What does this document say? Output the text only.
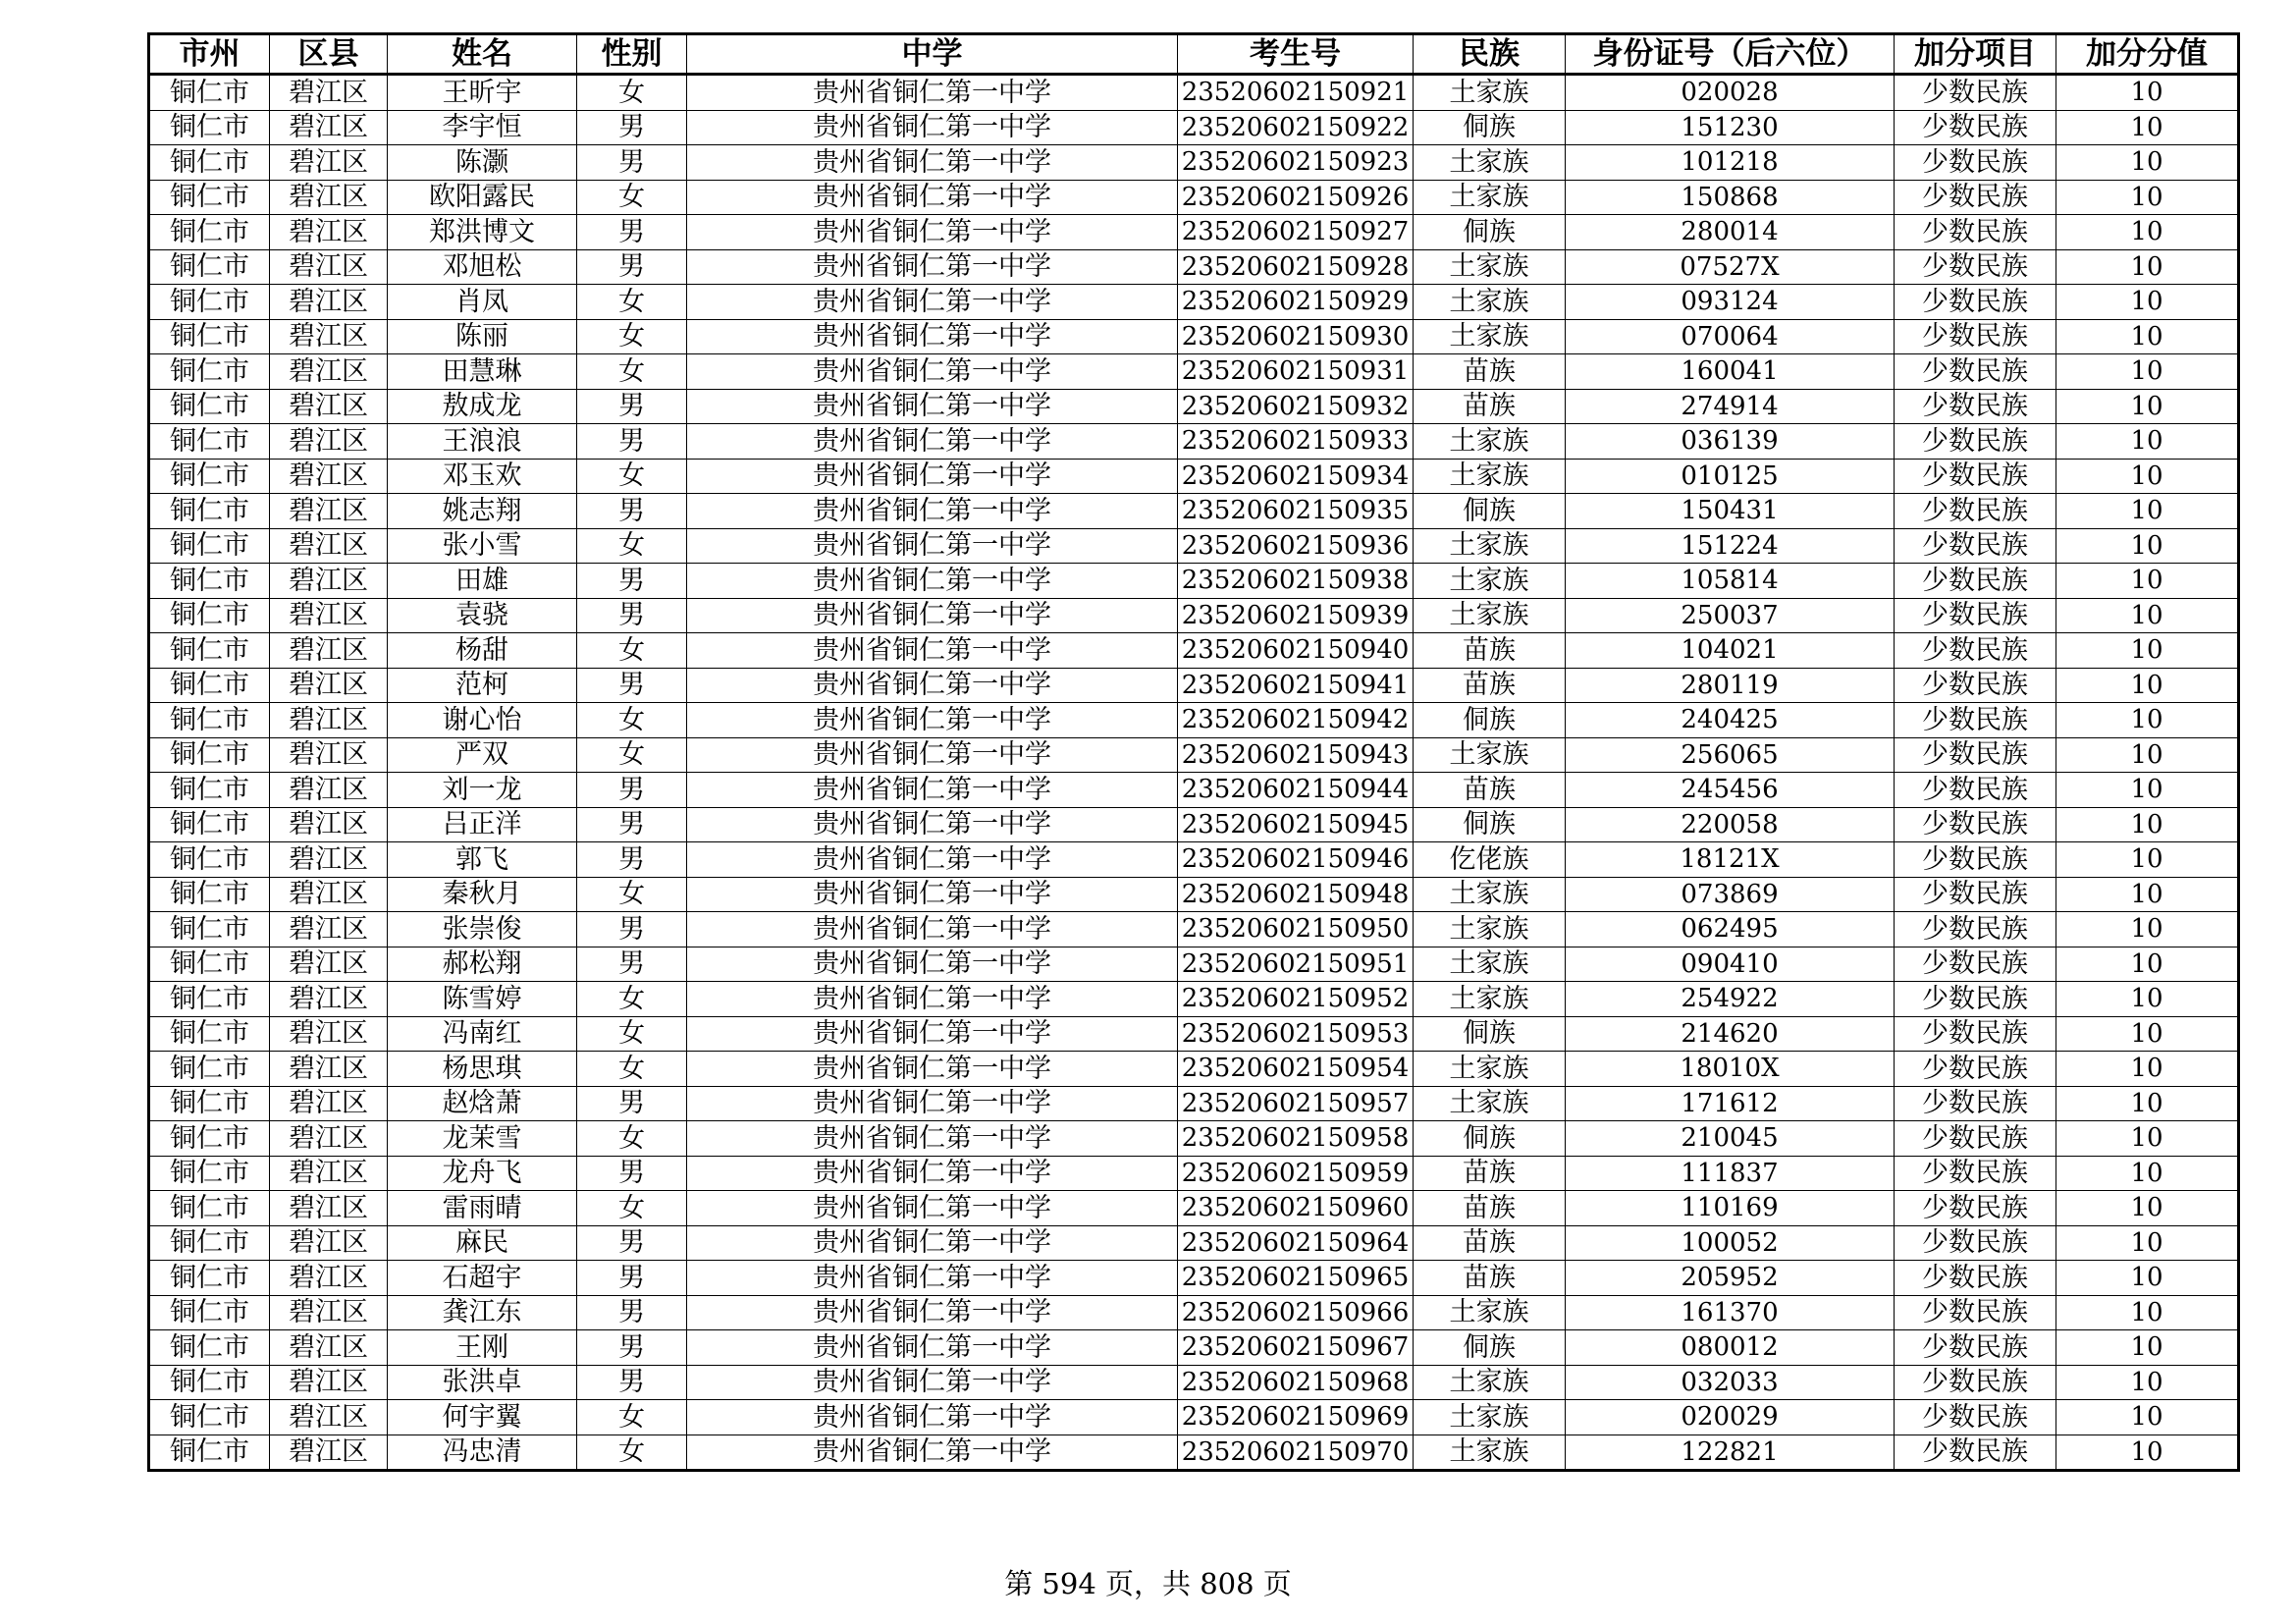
市州	区县	姓名	性别	中学	考生号	民族	身份证号（后六位）	加分项目	加分分值
铜仁市	碧江区	王昕宇	女	贵州省铜仁第一中学	23520602150921	土家族	020028	少数民族	10
铜仁市	碧江区	李宇恒	男	贵州省铜仁第一中学	23520602150922	侗族	151230	少数民族	10
铜仁市	碧江区	陈灏	男	贵州省铜仁第一中学	23520602150923	土家族	101218	少数民族	10
铜仁市	碧江区	欧阳露民	女	贵州省铜仁第一中学	23520602150926	土家族	150868	少数民族	10
铜仁市	碧江区	郑洪博文	男	贵州省铜仁第一中学	23520602150927	侗族	280014	少数民族	10
铜仁市	碧江区	邓旭松	男	贵州省铜仁第一中学	23520602150928	土家族	07527X	少数民族	10
铜仁市	碧江区	肖凤	女	贵州省铜仁第一中学	23520602150929	土家族	093124	少数民族	10
铜仁市	碧江区	陈丽	女	贵州省铜仁第一中学	23520602150930	土家族	070064	少数民族	10
铜仁市	碧江区	田慧琳	女	贵州省铜仁第一中学	23520602150931	苗族	160041	少数民族	10
铜仁市	碧江区	敖成龙	男	贵州省铜仁第一中学	23520602150932	苗族	274914	少数民族	10
铜仁市	碧江区	王浪浪	男	贵州省铜仁第一中学	23520602150933	土家族	036139	少数民族	10
铜仁市	碧江区	邓玉欢	女	贵州省铜仁第一中学	23520602150934	土家族	010125	少数民族	10
铜仁市	碧江区	姚志翔	男	贵州省铜仁第一中学	23520602150935	侗族	150431	少数民族	10
铜仁市	碧江区	张小雪	女	贵州省铜仁第一中学	23520602150936	土家族	151224	少数民族	10
铜仁市	碧江区	田雄	男	贵州省铜仁第一中学	23520602150938	土家族	105814	少数民族	10
铜仁市	碧江区	袁骁	男	贵州省铜仁第一中学	23520602150939	土家族	250037	少数民族	10
铜仁市	碧江区	杨甜	女	贵州省铜仁第一中学	23520602150940	苗族	104021	少数民族	10
铜仁市	碧江区	范柯	男	贵州省铜仁第一中学	23520602150941	苗族	280119	少数民族	10
铜仁市	碧江区	谢心怡	女	贵州省铜仁第一中学	23520602150942	侗族	240425	少数民族	10
铜仁市	碧江区	严双	女	贵州省铜仁第一中学	23520602150943	土家族	256065	少数民族	10
铜仁市	碧江区	刘一龙	男	贵州省铜仁第一中学	23520602150944	苗族	245456	少数民族	10
铜仁市	碧江区	吕正洋	男	贵州省铜仁第一中学	23520602150945	侗族	220058	少数民族	10
铜仁市	碧江区	郭飞	男	贵州省铜仁第一中学	23520602150946	仡佬族	18121X	少数民族	10
铜仁市	碧江区	秦秋月	女	贵州省铜仁第一中学	23520602150948	土家族	073869	少数民族	10
铜仁市	碧江区	张崇俊	男	贵州省铜仁第一中学	23520602150950	土家族	062495	少数民族	10
铜仁市	碧江区	郝松翔	男	贵州省铜仁第一中学	23520602150951	土家族	090410	少数民族	10
铜仁市	碧江区	陈雪婷	女	贵州省铜仁第一中学	23520602150952	土家族	254922	少数民族	10
铜仁市	碧江区	冯南红	女	贵州省铜仁第一中学	23520602150953	侗族	214620	少数民族	10
铜仁市	碧江区	杨思琪	女	贵州省铜仁第一中学	23520602150954	土家族	18010X	少数民族	10
铜仁市	碧江区	赵焓萧	男	贵州省铜仁第一中学	23520602150957	土家族	171612	少数民族	10
铜仁市	碧江区	龙茉雪	女	贵州省铜仁第一中学	23520602150958	侗族	210045	少数民族	10
铜仁市	碧江区	龙舟飞	男	贵州省铜仁第一中学	23520602150959	苗族	111837	少数民族	10
铜仁市	碧江区	雷雨晴	女	贵州省铜仁第一中学	23520602150960	苗族	110169	少数民族	10
铜仁市	碧江区	麻民	男	贵州省铜仁第一中学	23520602150964	苗族	100052	少数民族	10
铜仁市	碧江区	石超宇	男	贵州省铜仁第一中学	23520602150965	苗族	205952	少数民族	10
铜仁市	碧江区	龚江东	男	贵州省铜仁第一中学	23520602150966	土家族	161370	少数民族	10
铜仁市	碧江区	王刚	男	贵州省铜仁第一中学	23520602150967	侗族	080012	少数民族	10
铜仁市	碧江区	张洪卓	男	贵州省铜仁第一中学	23520602150968	土家族	032033	少数民族	10
铜仁市	碧江区	何宇翼	女	贵州省铜仁第一中学	23520602150969	土家族	020029	少数民族	10
铜仁市	碧江区	冯忠清	女	贵州省铜仁第一中学	23520602150970	土家族	122821	少数民族	10
第 594 页，共 808 页
